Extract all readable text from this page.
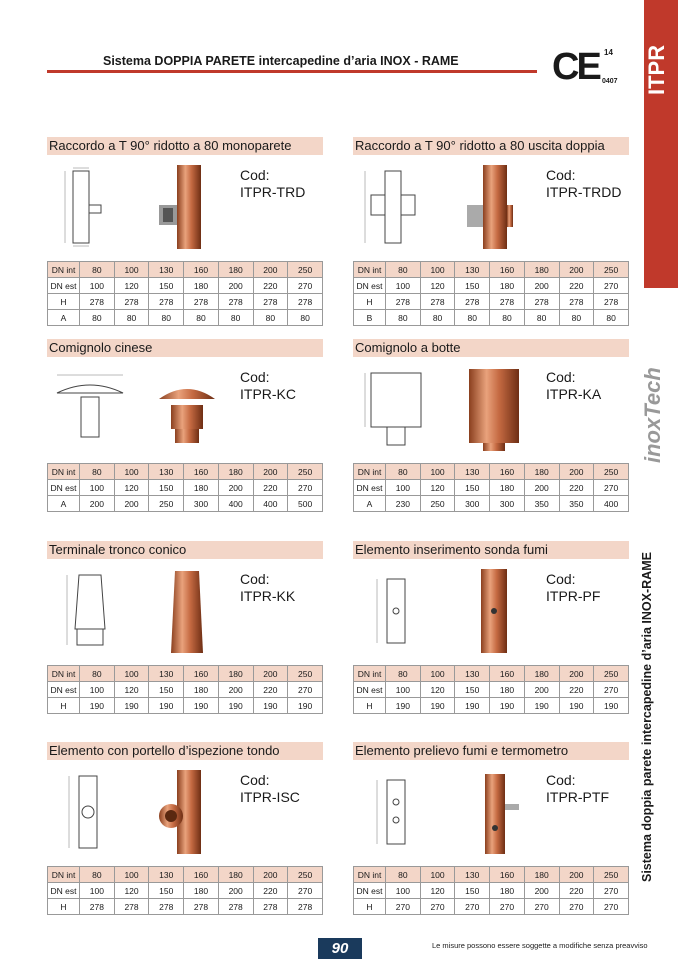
Sistema DOPPIA PARETE intercapedine d’aria INOX - RAME CE 14
0407 ITPR
inoxTech
Sistema doppia parete intercapedine d’aria INOX-RAME
Raccordo a T 90° ridotto a 80 monoparete
Cod:
ITPR-TRD
DN int	80	100	130	160	180	200	250
DN est	100	120	150	180	200	220	270
H	278	278	278	278	278	278	278
A	80	80	80	80	80	80	80
Raccordo a T 90° ridotto a 80 uscita doppia
Cod:
ITPR-TRDD
DN int	80	100	130	160	180	200	250
DN est	100	120	150	180	200	220	270
H	278	278	278	278	278	278	278
B	80	80	80	80	80	80	80
Comignolo cinese
Cod:
ITPR-KC
DN int	80	100	130	160	180	200	250
DN est	100	120	150	180	200	220	270
A	200	200	250	300	400	400	500
Comignolo a botte
Cod:
ITPR-KA
DN int	80	100	130	160	180	200	250
DN est	100	120	150	180	200	220	270
A	230	250	300	300	350	350	400
Terminale tronco conico
Cod:
ITPR-KK
DN int	80	100	130	160	180	200	250
DN est	100	120	150	180	200	220	270
H	190	190	190	190	190	190	190
Elemento inserimento sonda fumi
Cod:
ITPR-PF
DN int	80	100	130	160	180	200	250
DN est	100	120	150	180	200	220	270
H	190	190	190	190	190	190	190
Elemento con portello d’ispezione tondo
Cod:
ITPR-ISC
DN int	80	100	130	160	180	200	250
DN est	100	120	150	180	200	220	270
H	278	278	278	278	278	278	278
Elemento prelievo fumi e termometro
Cod:
ITPR-PTF
DN int	80	100	130	160	180	200	250
DN est	100	120	150	180	200	220	270
H	270	270	270	270	270	270	270
90	Le misure possono essere soggette a modifiche senza preavviso
